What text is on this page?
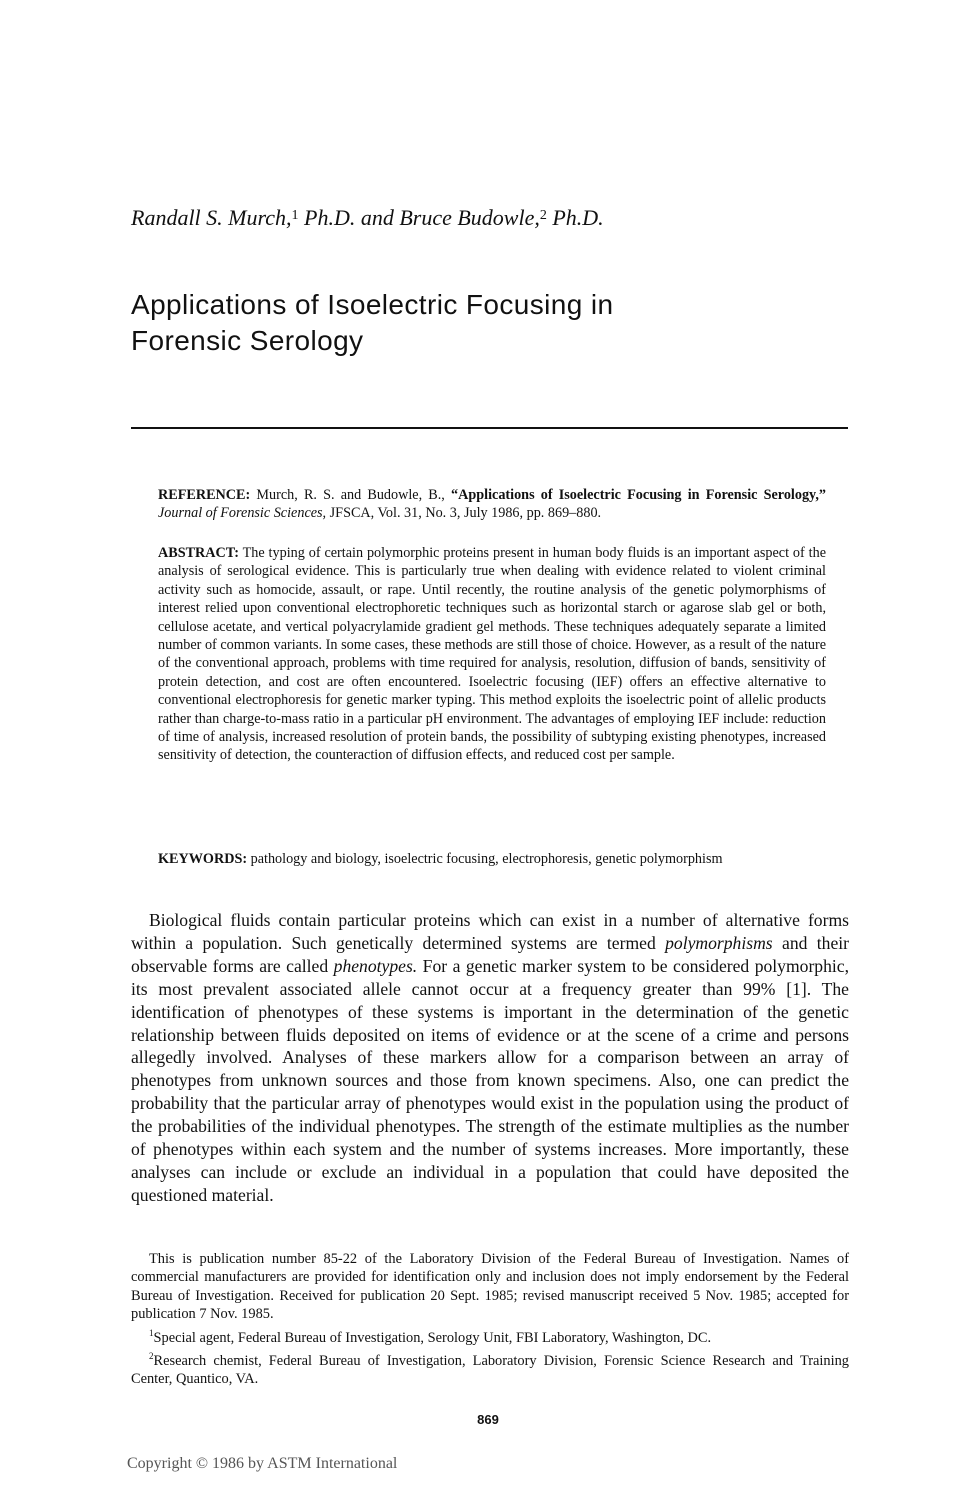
Randall S. Murch,$^1$ Ph.D. and Bruce Budowle,$^2$ Ph.D.
Applications of Isoelectric Focusing in
Forensic Serology
REFERENCE: Murch, R. S. and Budowle, B., “Applications of Isoelectric Focusing in Forensic Serology,” Journal of Forensic Sciences, JFSCA, Vol. 31, No. 3, July 1986, pp. 869–880.
ABSTRACT: The typing of certain polymorphic proteins present in human body fluids is an important aspect of the analysis of serological evidence. This is particularly true when dealing with evidence related to violent criminal activity such as homocide, assault, or rape. Until recently, the routine analysis of the genetic polymorphisms of interest relied upon conventional electrophoretic techniques such as horizontal starch or agarose slab gel or both, cellulose acetate, and vertical polyacrylamide gradient gel methods. These techniques adequately separate a limited number of common variants. In some cases, these methods are still those of choice. However, as a result of the nature of the conventional approach, problems with time required for analysis, resolution, diffusion of bands, sensitivity of protein detection, and cost are often encountered. Isoelectric focusing (IEF) offers an effective alternative to conventional electrophoresis for genetic marker typing. This method exploits the isoelectric point of allelic products rather than charge-to-mass ratio in a particular pH environment. The advantages of employing IEF include: reduction of time of analysis, increased resolution of protein bands, the possibility of subtyping existing phenotypes, increased sensitivity of detection, the counteraction of diffusion effects, and reduced cost per sample.
KEYWORDS: pathology and biology, isoelectric focusing, electrophoresis, genetic polymorphism

Biological fluids contain particular proteins which can exist in a number of alternative forms within a population. Such genetically determined systems are termed polymorphisms and their observable forms are called phenotypes. For a genetic marker system to be considered polymorphic, its most prevalent associated allele cannot occur at a frequency greater than 99% [1]. The identification of phenotypes of these systems is important in the determination of the genetic relationship between fluids deposited on items of evidence or at the scene of a crime and persons allegedly involved. Analyses of these markers allow for a comparison between an array of phenotypes from unknown sources and those from known specimens. Also, one can predict the probability that the particular array of phenotypes would exist in the population using the product of the probabilities of the individual phenotypes. The strength of the estimate multiplies as the number of phenotypes within each system and the number of systems increases. More importantly, these analyses can include or exclude an individual in a population that could have deposited the questioned material.

This is publication number 85-22 of the Laboratory Division of the Federal Bureau of Investigation. Names of commercial manufacturers are provided for identification only and inclusion does not imply endorsement by the Federal Bureau of Investigation. Received for publication 20 Sept. 1985; revised manuscript received 5 Nov. 1985; accepted for publication 7 Nov. 1985.

$^1$Special agent, Federal Bureau of Investigation, Serology Unit, FBI Laboratory, Washington, DC.

$^2$Research chemist, Federal Bureau of Investigation, Laboratory Division, Forensic Science Research and Training Center, Quantico, VA.

869
Copyright © 1986 by ASTM International
